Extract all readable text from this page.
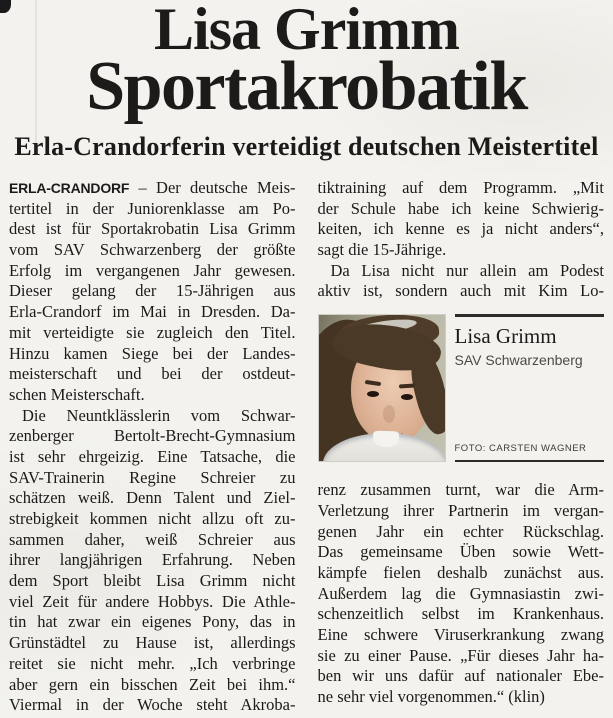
Lisa Grimm
Sportakrobatik
Erla-Crandorferin verteidigt deutschen Meistertitel

ERLA-CRANDORF – Der deutsche Meis-
tertitel in der Juniorenklasse am Po-
dest ist für Sportakrobatin Lisa Grimm
vom SAV Schwarzenberg der größte
Erfolg im vergangenen Jahr gewesen.
Dieser gelang der 15-Jährigen aus
Erla-Crandorf im Mai in Dresden. Da-
mit verteidigte sie zugleich den Titel.
Hinzu kamen Siege bei der Landes-
meisterschaft und bei der ostdeut-
schen Meisterschaft.

Die Neuntklässlerin vom Schwar-
zenberger Bertolt-Brecht-Gymnasium
ist sehr ehrgeizig. Eine Tatsache, die
SAV-Trainerin Regine Schreier zu
schätzen weiß. Denn Talent und Ziel-
strebigkeit kommen nicht allzu oft zu-
sammen daher, weiß Schreier aus
ihrer langjährigen Erfahrung. Neben
dem Sport bleibt Lisa Grimm nicht
viel Zeit für andere Hobbys. Die Athle-
tin hat zwar ein eigenes Pony, das in
Grünstädtel zu Hause ist, allerdings
reitet sie nicht mehr. „Ich verbringe
aber gern ein bisschen Zeit bei ihm.“
Viermal in der Woche steht Akroba-

tiktraining auf dem Programm. „Mit
der Schule habe ich keine Schwierig-
keiten, ich kenne es ja nicht anders“,
sagt die 15-Jährige.

Da Lisa nicht nur allein am Podest
aktiv ist, sondern auch mit Kim Lo-

Lisa Grimm
SAV Schwarzenberg
FOTO: CARSTEN WAGNER

renz zusammen turnt, war die Arm-
Verletzung ihrer Partnerin im vergan-
genen Jahr ein echter Rückschlag.
Das gemeinsame Üben sowie Wett-
kämpfe fielen deshalb zunächst aus.
Außerdem lag die Gymnasiastin zwi-
schenzeitlich selbst im Krankenhaus.
Eine schwere Viruserkrankung zwang
sie zu einer Pause. „Für dieses Jahr ha-
ben wir uns dafür auf nationaler Ebe-
ne sehr viel vorgenommen.“ (klin)
